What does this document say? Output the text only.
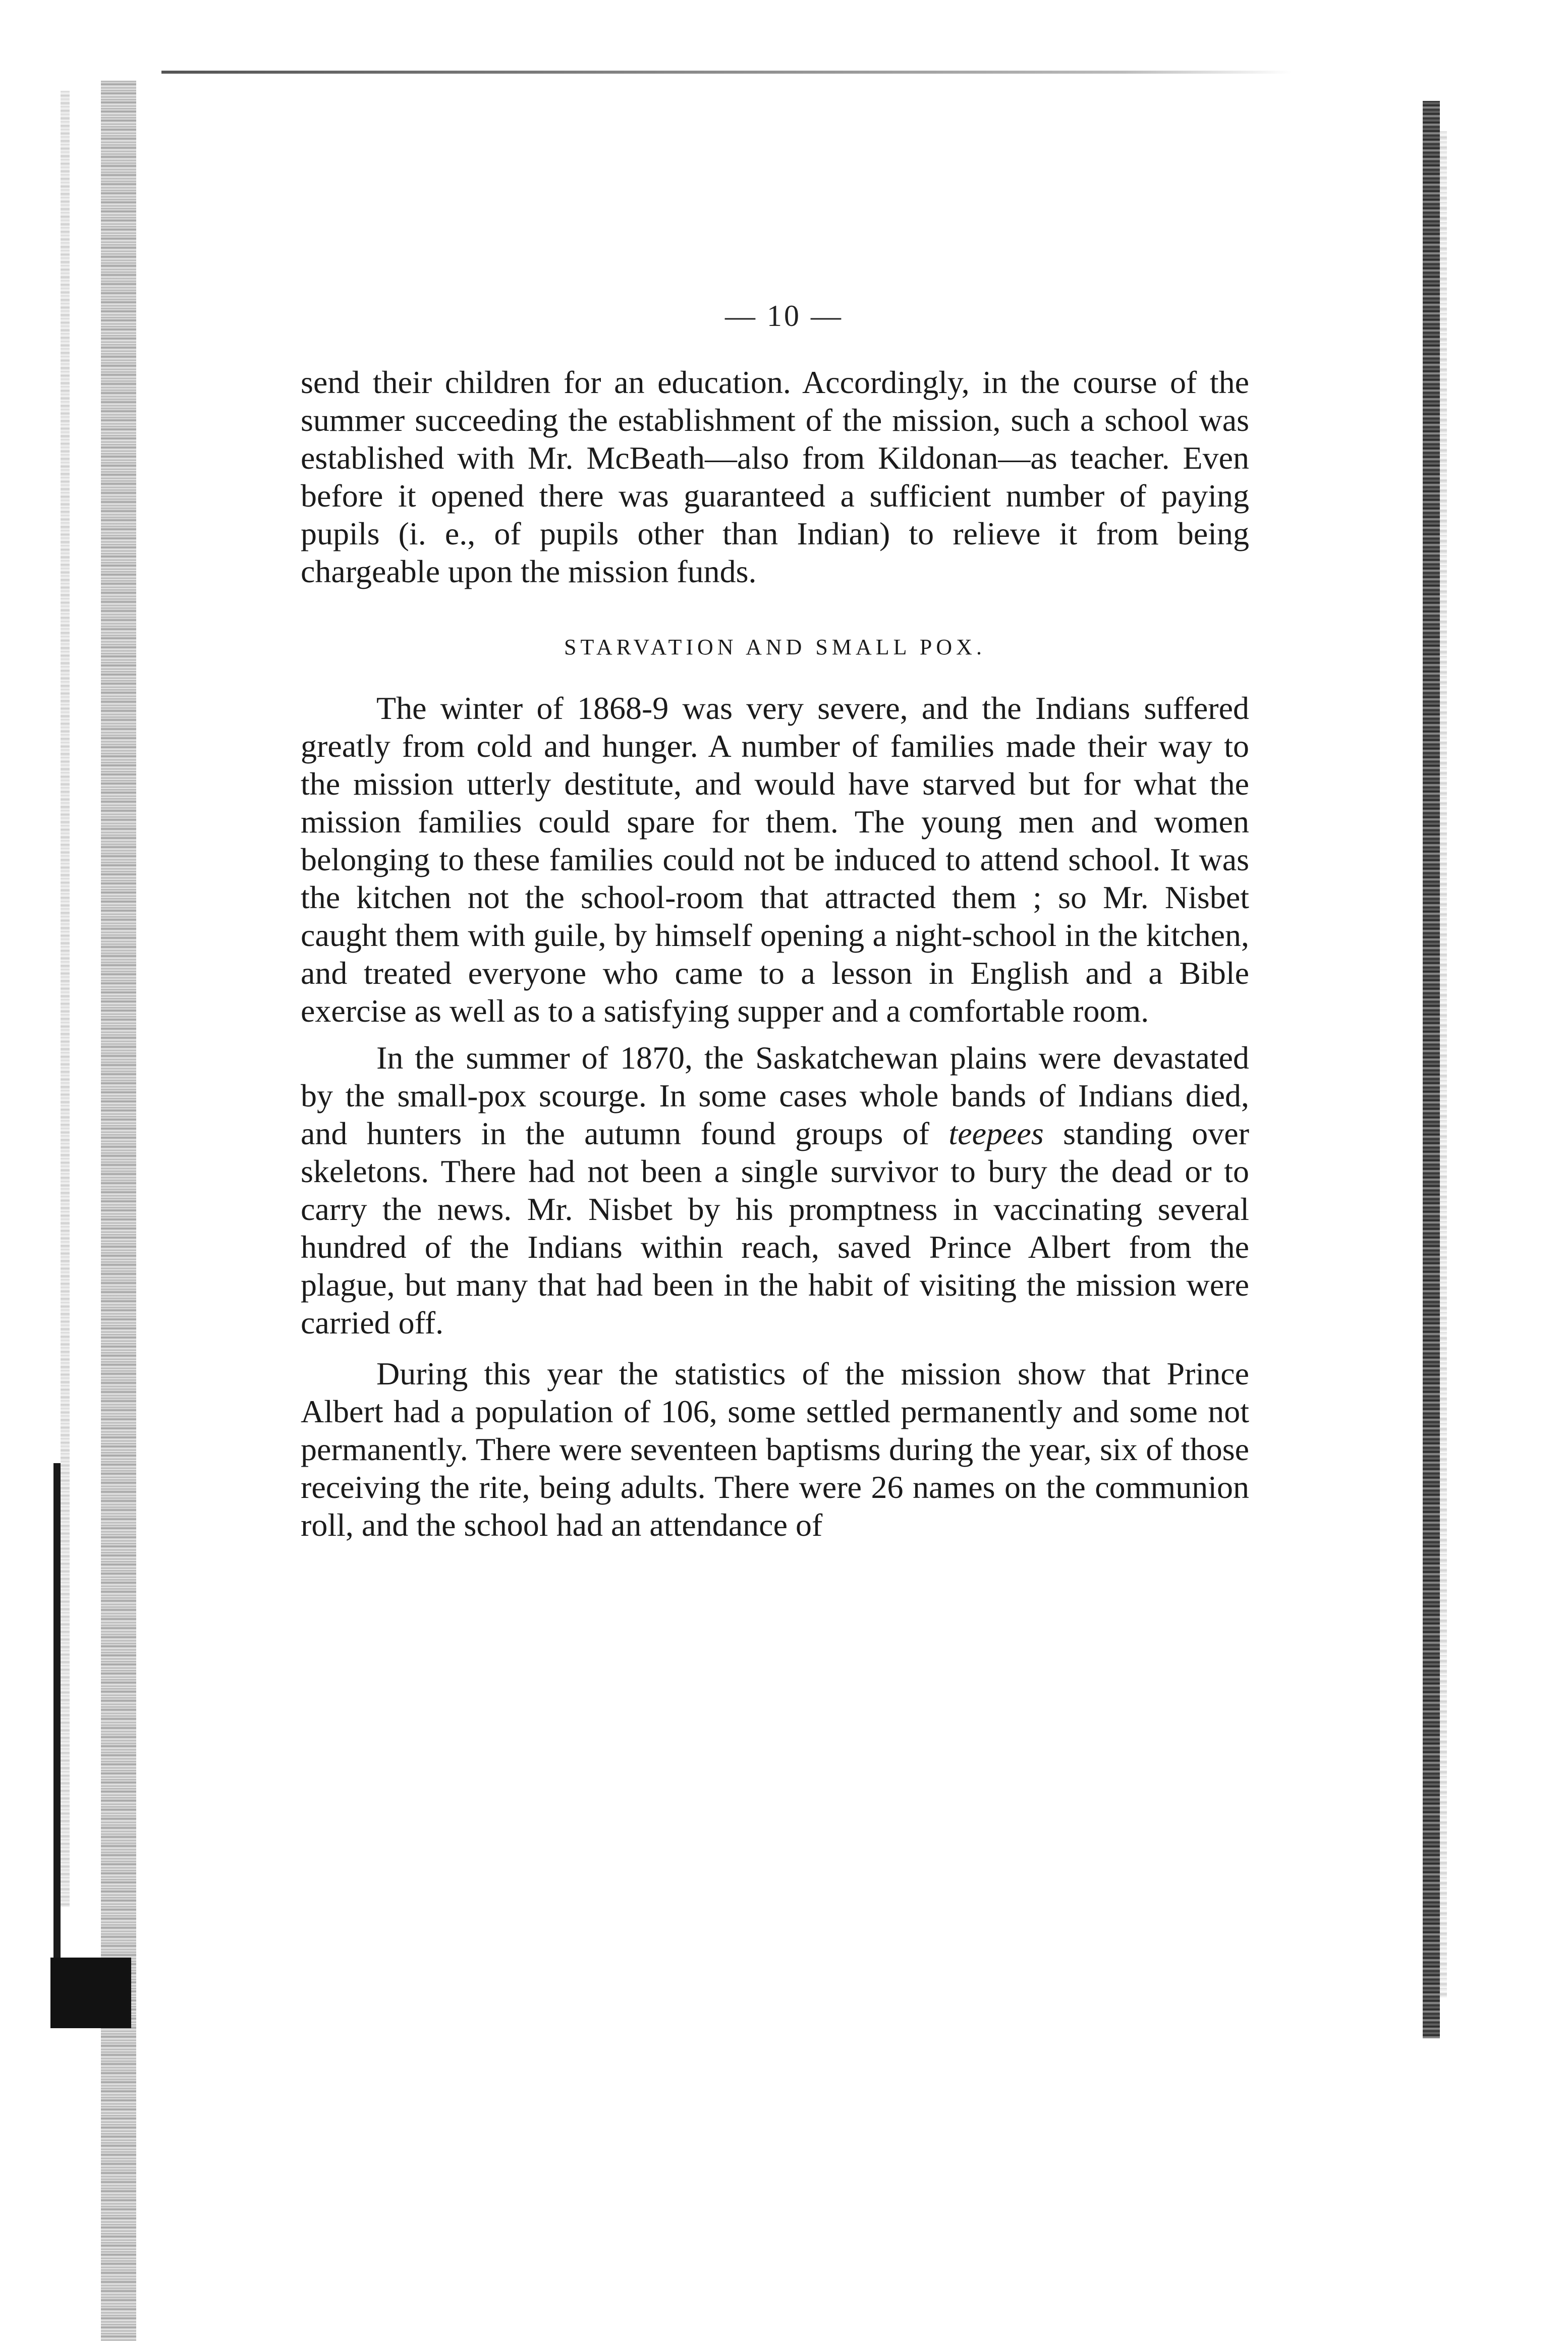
— 10 —

send their children for an education. Accordingly, in the course of the summer succeeding the establishment of the mission, such a school was established with Mr. McBeath—also from Kildonan—as teacher. Even before it opened there was guaranteed a sufficient number of paying pupils (i. e., of pupils other than Indian) to relieve it from being chargeable upon the mission funds.

STARVATION AND SMALL POX.

The winter of 1868-9 was very severe, and the Indians suffered greatly from cold and hunger. A number of families made their way to the mission utterly destitute, and would have starved but for what the mission families could spare for them. The young men and women belonging to these families could not be induced to attend school. It was the kitchen not the school-room that attracted them ; so Mr. Nisbet caught them with guile, by himself opening a night-school in the kitchen, and treated everyone who came to a lesson in English and a Bible exercise as well as to a satisfying supper and a comfortable room.

In the summer of 1870, the Saskatchewan plains were devastated by the small-pox scourge. In some cases whole bands of Indians died, and hunters in the autumn found groups of teepees standing over skeletons. There had not been a single survivor to bury the dead or to carry the news. Mr. Nisbet by his promptness in vaccinating several hundred of the Indians within reach, saved Prince Albert from the plague, but many that had been in the habit of visiting the mission were carried off.

During this year the statistics of the mission show that Prince Albert had a population of 106, some settled permanently and some not permanently. There were seventeen baptisms during the year, six of those receiving the rite, being adults. There were 26 names on the communion roll, and the school had an attendance of
